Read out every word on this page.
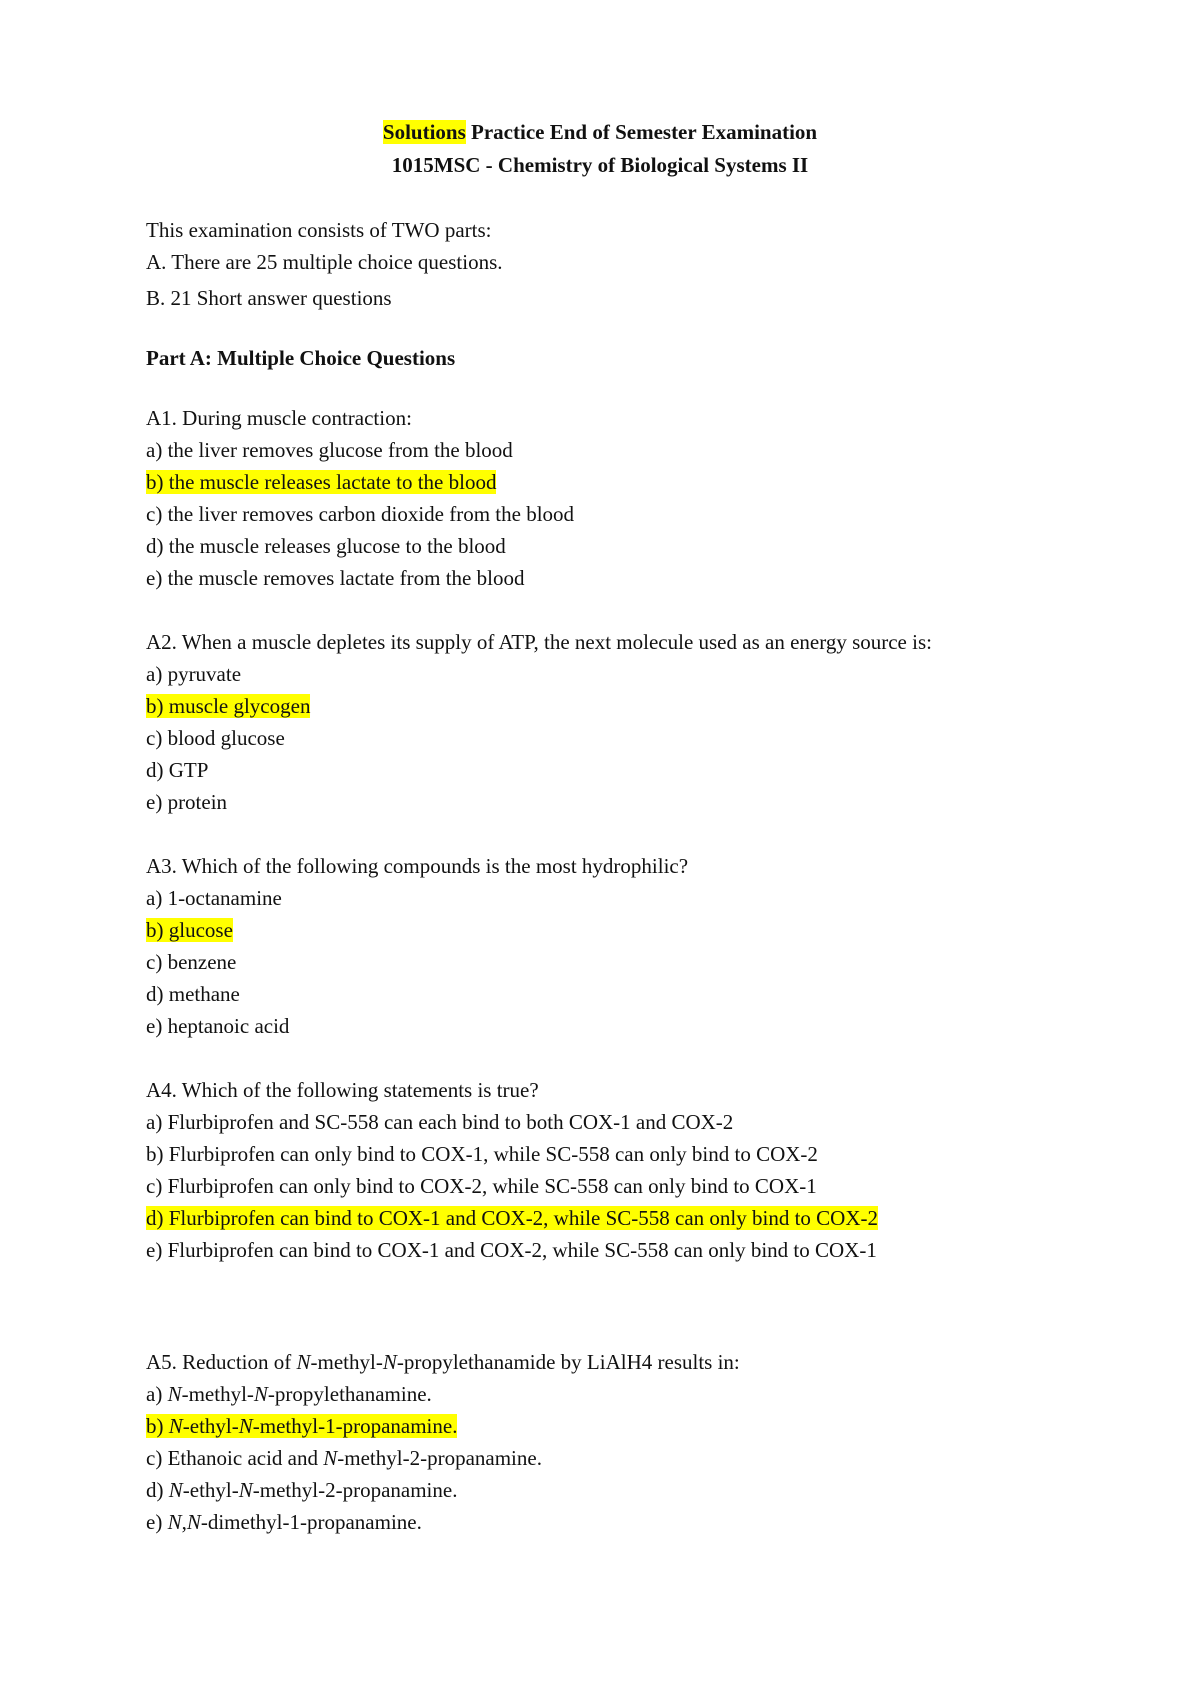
Solutions Practice End of Semester Examination
1015MSC - Chemistry of Biological Systems II
This examination consists of TWO parts:
A. There are 25 multiple choice questions.
B. 21 Short answer questions
Part A: Multiple Choice Questions
A1. During muscle contraction:
a) the liver removes glucose from the blood
b) the muscle releases lactate to the blood
c) the liver removes carbon dioxide from the blood
d) the muscle releases glucose to the blood
e) the muscle removes lactate from the blood
A2. When a muscle depletes its supply of ATP, the next molecule used as an energy source is:
a) pyruvate
b) muscle glycogen
c) blood glucose
d) GTP
e) protein
A3. Which of the following compounds is the most hydrophilic?
a) 1-octanamine
b) glucose
c) benzene
d) methane
e) heptanoic acid
A4. Which of the following statements is true?
a) Flurbiprofen and SC-558 can each bind to both COX-1 and COX-2
b) Flurbiprofen can only bind to COX-1, while SC-558 can only bind to COX-2
c) Flurbiprofen can only bind to COX-2, while SC-558 can only bind to COX-1
d) Flurbiprofen can bind to COX-1 and COX-2, while SC-558 can only bind to COX-2
e) Flurbiprofen can bind to COX-1 and COX-2, while SC-558 can only bind to COX-1
A5. Reduction of N-methyl-N-propylethanamide by LiAlH4 results in:
a) N-methyl-N-propylethanamine.
b) N-ethyl-N-methyl-1-propanamine.
c) Ethanoic acid and N-methyl-2-propanamine.
d) N-ethyl-N-methyl-2-propanamine.
e) N,N-dimethyl-1-propanamine.
